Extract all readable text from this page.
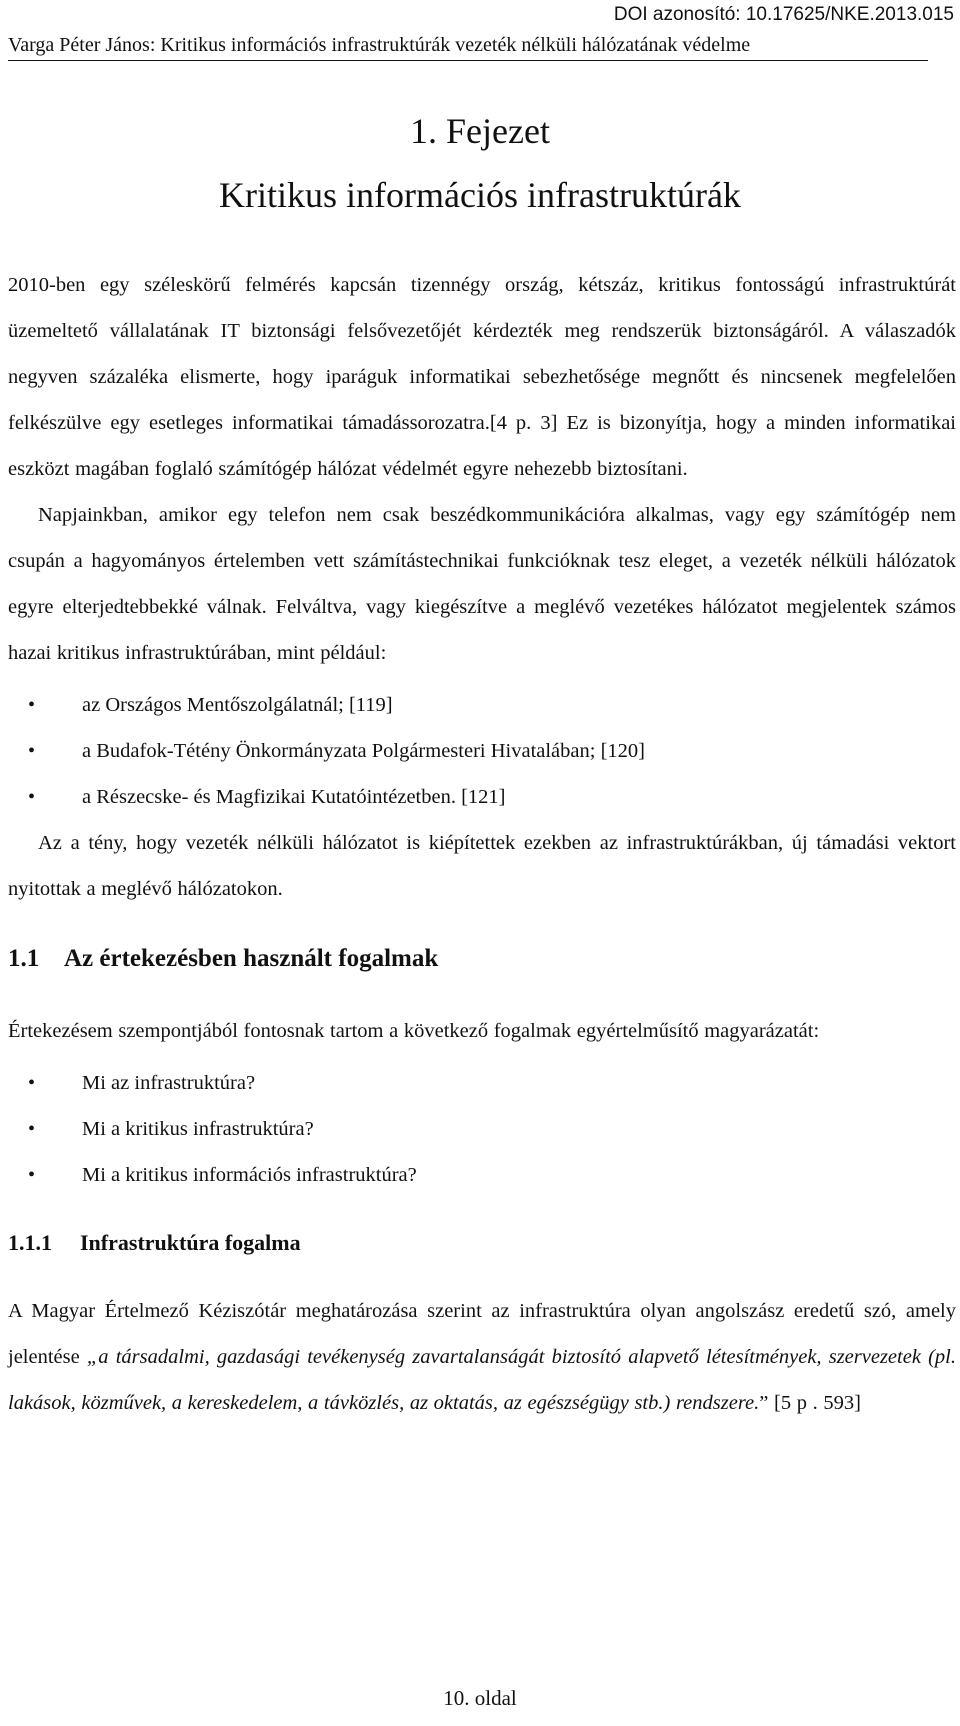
DOI azonosító: 10.17625/NKE.2013.015
Varga Péter János: Kritikus információs infrastruktúrák vezeték nélküli hálózatának védelme
1. Fejezet
Kritikus információs infrastruktúrák

2010-ben egy széleskörű felmérés kapcsán tizennégy ország, kétszáz, kritikus fontosságú infrastruktúrát üzemeltető vállalatának IT biztonsági felsővezetőjét kérdezték meg rendszerük biztonságáról. A válaszadók negyven százaléka elismerte, hogy iparáguk informatikai sebezhetősége megnőtt és nincsenek megfelelően felkészülve egy esetleges informatikai támadássorozatra.[4 p. 3] Ez is bizonyítja, hogy a minden informatikai eszközt magában foglaló számítógép hálózat védelmét egyre nehezebb biztosítani.

Napjainkban, amikor egy telefon nem csak beszédkommunikációra alkalmas, vagy egy számítógép nem csupán a hagyományos értelemben vett számítástechnikai funkcióknak tesz eleget, a vezeték nélküli hálózatok egyre elterjedtebbekké válnak. Felváltva, vagy kiegészítve a meglévő vezetékes hálózatot megjelentek számos hazai kritikus infrastruktúrában, mint például:

• az Országos Mentőszolgálatnál; [119]
• a Budafok-Tétény Önkormányzata Polgármesteri Hivatalában; [120]
• a Részecske- és Magfizikai Kutatóintézetben. [121]

Az a tény, hogy vezeték nélküli hálózatot is kiépítettek ezekben az infrastruktúrákban, új támadási vektort nyitottak a meglévő hálózatokon.

1.1 Az értekezésben használt fogalmak

Értekezésem szempontjából fontosnak tartom a következő fogalmak egyértelműsítő magyarázatát:

• Mi az infrastruktúra?
• Mi a kritikus infrastruktúra?
• Mi a kritikus információs infrastruktúra?
1.1.1 Infrastruktúra fogalma

A Magyar Értelmező Kéziszótár meghatározása szerint az infrastruktúra olyan angolszász eredetű szó, amely jelentése „a társadalmi, gazdasági tevékenység zavartalanságát biztosító alapvető létesítmények, szervezetek (pl. lakások, közművek, a kereskedelem, a távközlés, az oktatás, az egészségügy stb.) rendszere.” [5 p . 593]

10. oldal
